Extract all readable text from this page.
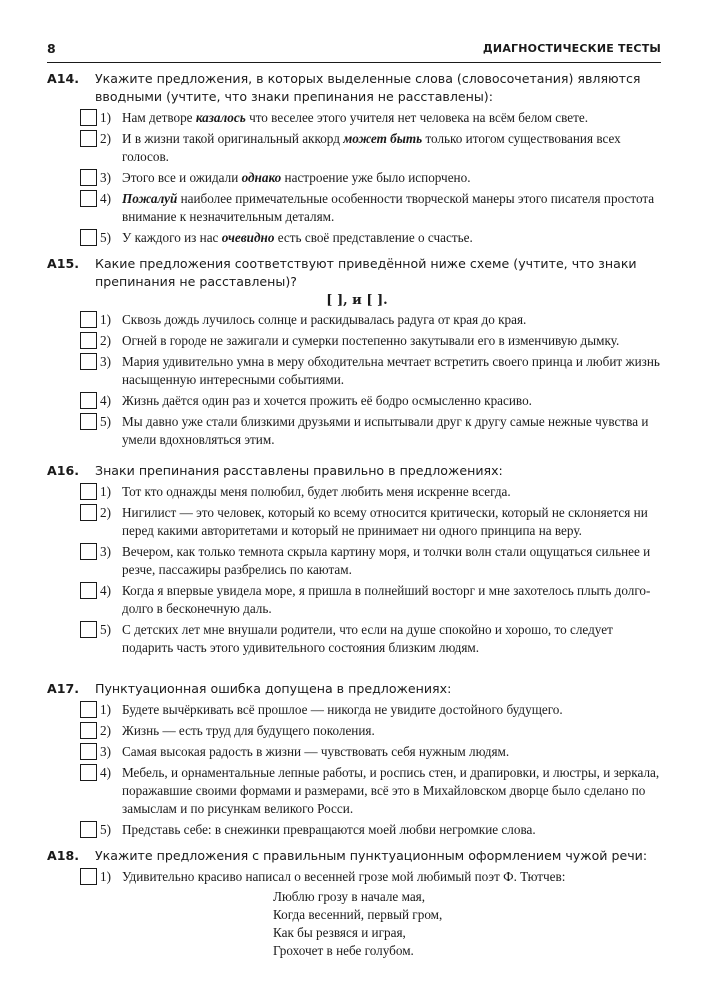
8	ДИАГНОСТИЧЕСКИЕ ТЕСТЫ
A14. Укажите предложения, в которых выделенные слова (словосочетания) являются вводными (учтите, что знаки препинания не расставлены):
1) Нам детворе казалось что веселее этого учителя нет человека на всём белом свете.
2) И в жизни такой оригинальный аккорд может быть только итогом существования всех голосов.
3) Этого все и ожидали однако настроение уже было испорчено.
4) Пожалуй наиболее примечательные особенности творческой манеры этого писателя простота внимание к незначительным деталям.
5) У каждого из нас очевидно есть своё представление о счастье.
A15. Какие предложения соответствуют приведённой ниже схеме (учтите, что знаки препинания не расставлены)?
[ ], и [ ].
1) Сквозь дождь лучилось солнце и раскидывалась радуга от края до края.
2) Огней в городе не зажигали и сумерки постепенно закутывали его в изменчивую дымку.
3) Мария удивительно умна в меру обходительна мечтает встретить своего принца и любит жизнь насыщенную интересными событиями.
4) Жизнь даётся один раз и хочется прожить её бодро осмысленно красиво.
5) Мы давно уже стали близкими друзьями и испытывали друг к другу самые нежные чувства и умели вдохновляться этим.
A16. Знаки препинания расставлены правильно в предложениях:
1) Тот кто однажды меня полюбил, будет любить меня искренне всегда.
2) Нигилист — это человек, который ко всему относится критически, который не склоняется ни перед какими авторитетами и который не принимает ни одного принципа на веру.
3) Вечером, как только темнота скрыла картину моря, и толчки волн стали ощущаться сильнее и резче, пассажиры разбрелись по каютам.
4) Когда я впервые увидела море, я пришла в полнейший восторг и мне захотелось плыть долго-долго в бесконечную даль.
5) С детских лет мне внушали родители, что если на душе спокойно и хорошо, то следует подарить часть этого удивительного состояния близким людям.
A17. Пунктуационная ошибка допущена в предложениях:
1) Будете вычёркивать всё прошлое — никогда не увидите достойного будущего.
2) Жизнь — есть труд для будущего поколения.
3) Самая высокая радость в жизни — чувствовать себя нужным людям.
4) Мебель, и орнаментальные лепные работы, и роспись стен, и драпировки, и люстры, и зеркала, поражавшие своими формами и размерами, всё это в Михайловском дворце было сделано по замыслам и по рисункам великого Росси.
5) Представь себе: в снежинки превращаются моей любви негромкие слова.
A18. Укажите предложения с правильным пунктуационным оформлением чужой речи:
1) Удивительно красиво написал о весенней грозе мой любимый поэт Ф. Тютчев:
Люблю грозу в начале мая,
Когда весенний, первый гром,
Как бы резвяся и играя,
Грохочет в небе голубом.
